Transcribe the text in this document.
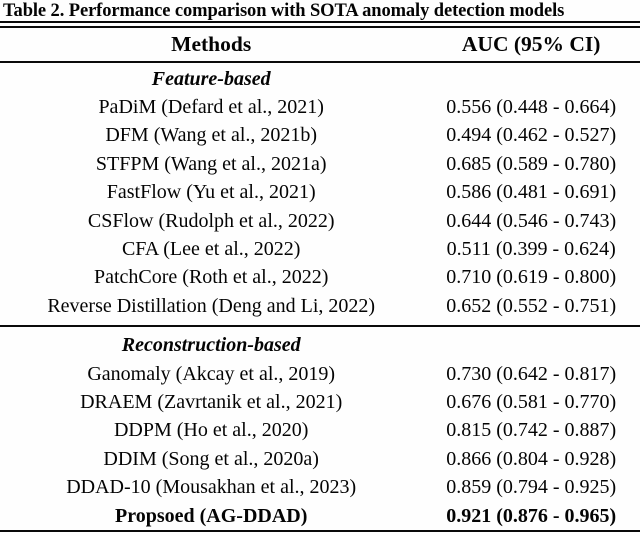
Table 2. Performance comparison with SOTA anomaly detection models
Methods	AUC (95% CI)
Feature-based
PaDiM (Defard et al., 2021)	0.556 (0.448 - 0.664)
DFM (Wang et al., 2021b)	0.494 (0.462 - 0.527)
STFPM (Wang et al., 2021a)	0.685 (0.589 - 0.780)
FastFlow (Yu et al., 2021)	0.586 (0.481 - 0.691)
CSFlow (Rudolph et al., 2022)	0.644 (0.546 - 0.743)
CFA (Lee et al., 2022)	0.511 (0.399 - 0.624)
PatchCore (Roth et al., 2022)	0.710 (0.619 - 0.800)
Reverse Distillation (Deng and Li, 2022)	0.652 (0.552 - 0.751)
Reconstruction-based
Ganomaly (Akcay et al., 2019)	0.730 (0.642 - 0.817)
DRAEM (Zavrtanik et al., 2021)	0.676 (0.581 - 0.770)
DDPM (Ho et al., 2020)	0.815 (0.742 - 0.887)
DDIM (Song et al., 2020a)	0.866 (0.804 - 0.928)
DDAD-10 (Mousakhan et al., 2023)	0.859 (0.794 - 0.925)
Propsoed (AG-DDAD)	0.921 (0.876 - 0.965)
